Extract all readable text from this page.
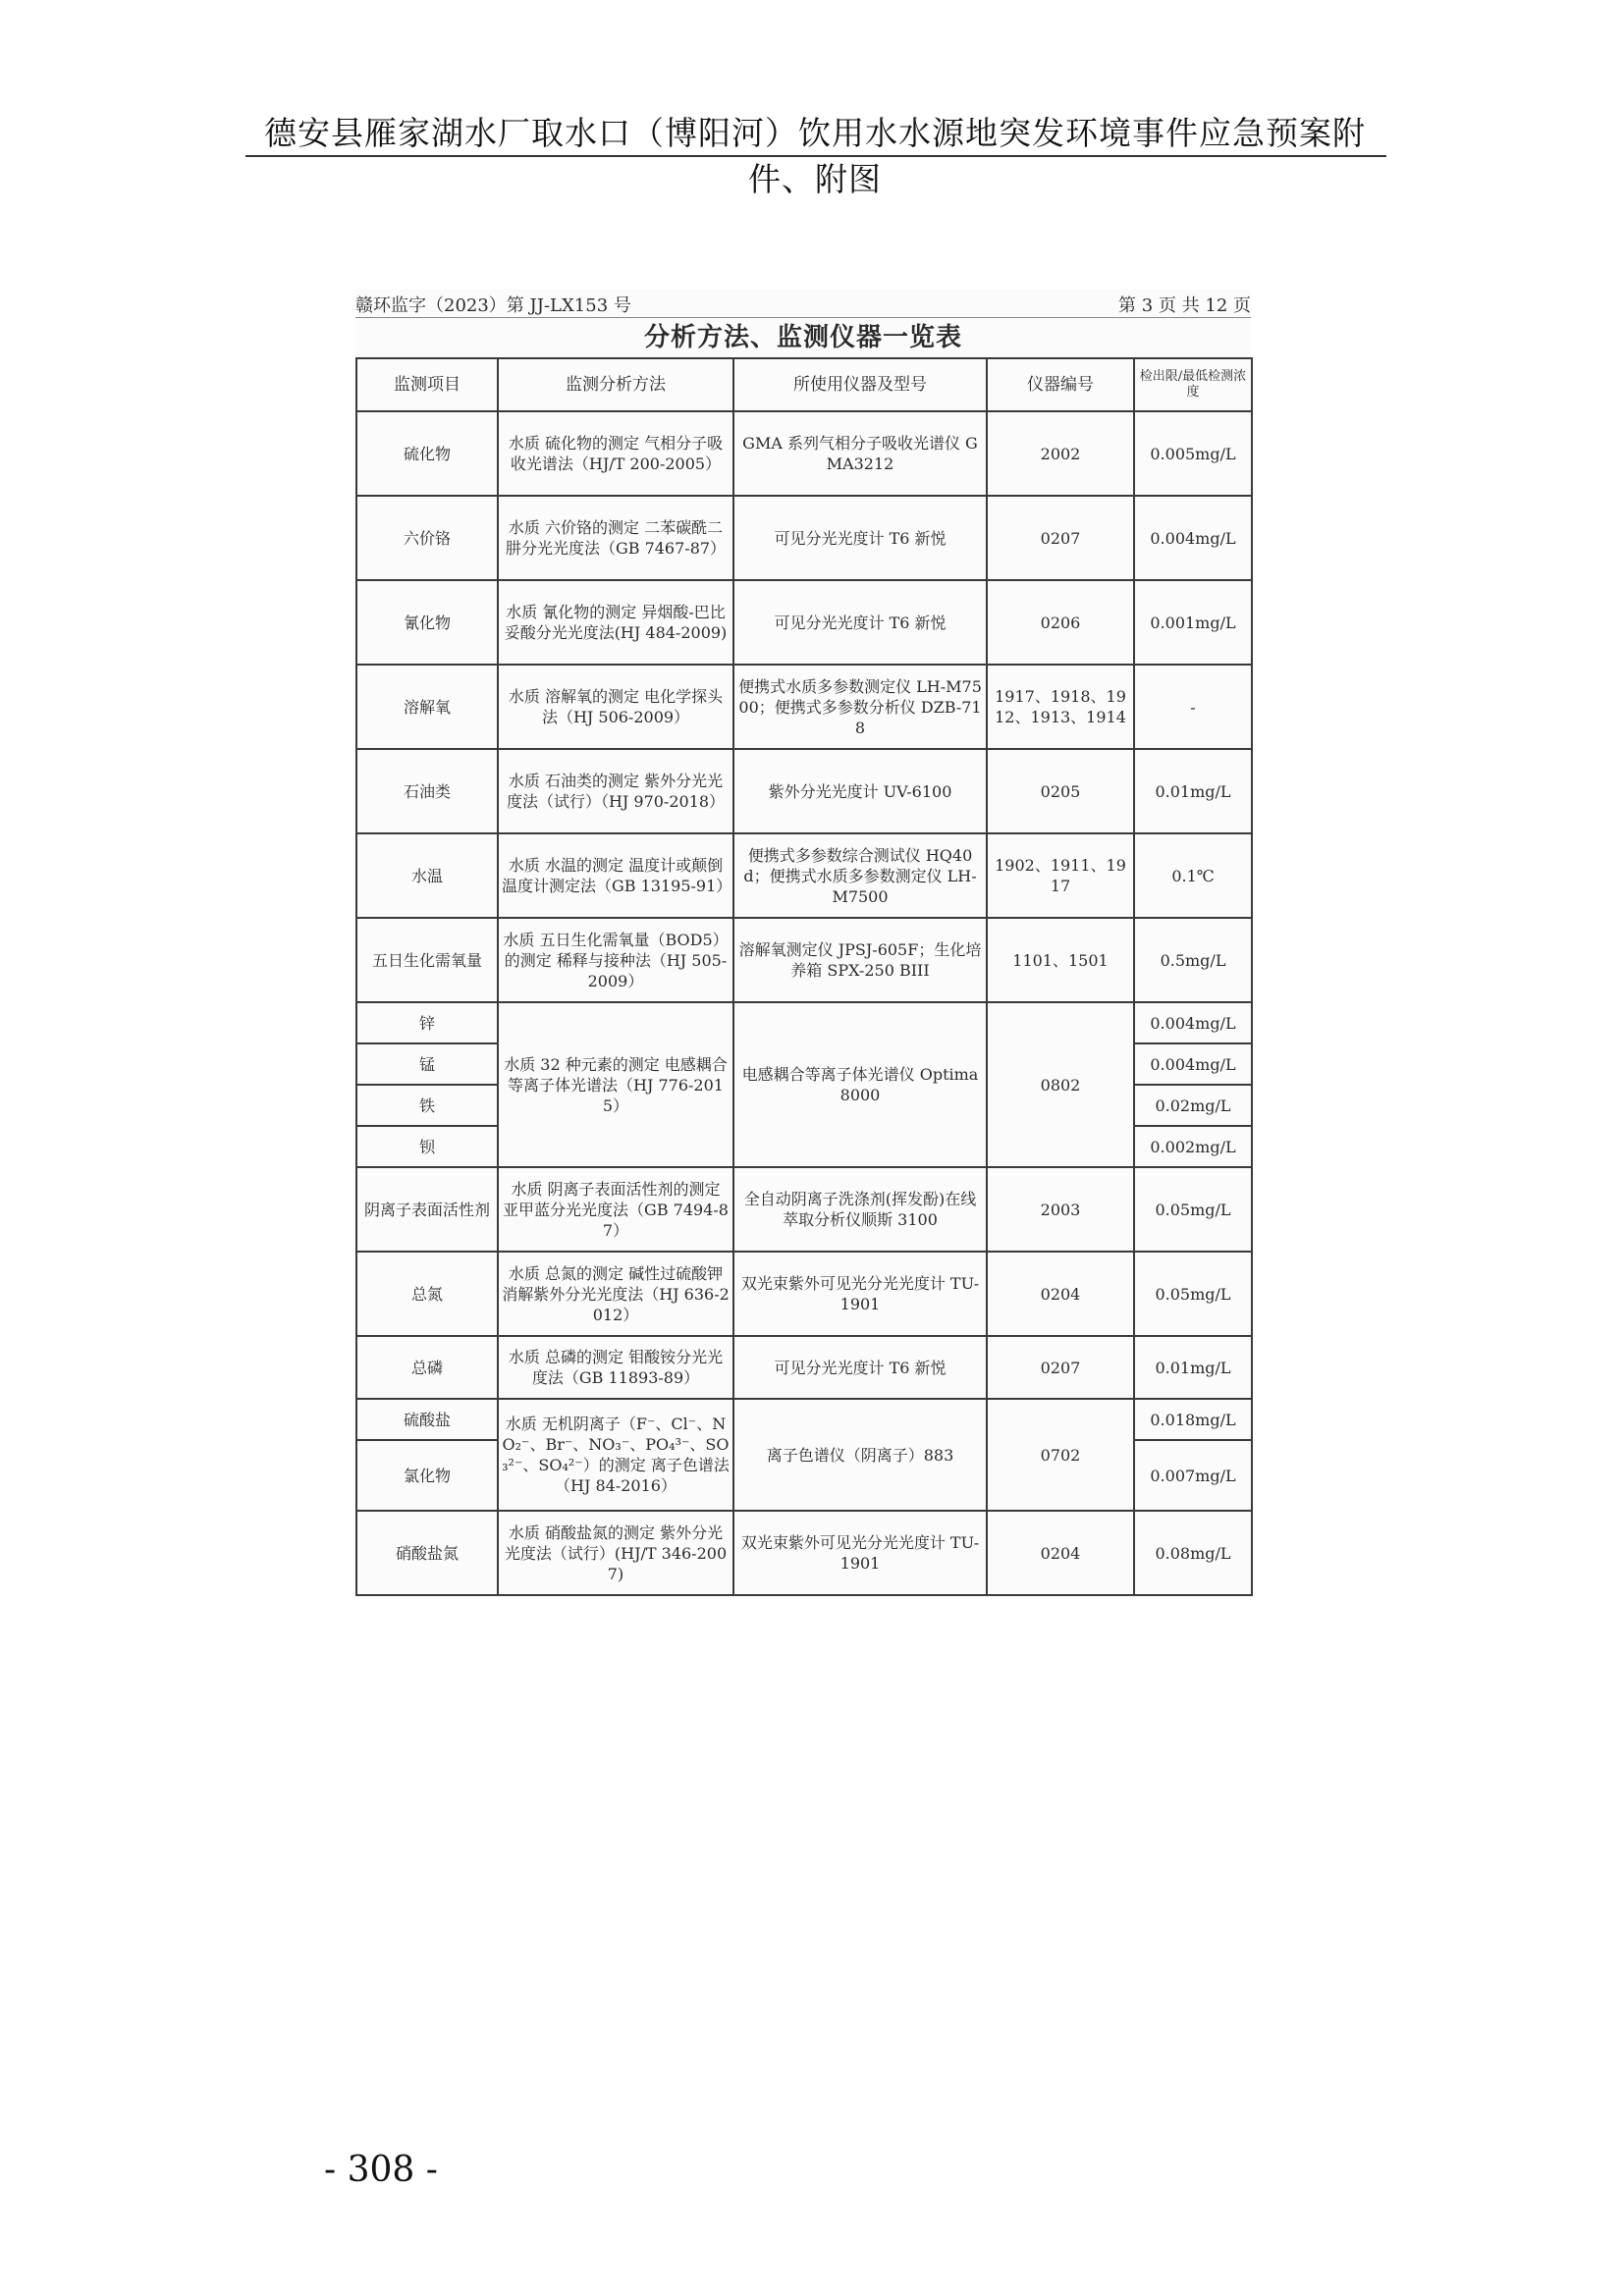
德安县雁家湖水厂取水口（博阳河）饮用水水源地突发环境事件应急预案附件、附图
赣环监字（2023）第 JJ-LX153 号	第 3 页 共 12 页
分析方法、监测仪器一览表
监测项目	监测分析方法	所使用仪器及型号	仪器编号	检出限/最低检测浓度
硫化物	水质 硫化物的测定 气相分子吸收光谱法（HJ/T 200-2005）	GMA 系列气相分子吸收光谱仪 GMA3212	2002	0.005mg/L
六价铬	水质 六价铬的测定 二苯碳酰二肼分光光度法（GB 7467-87）	可见分光光度计 T6 新悦	0207	0.004mg/L
氰化物	水质 氰化物的测定 异烟酸-巴比妥酸分光光度法(HJ 484-2009)	可见分光光度计 T6 新悦	0206	0.001mg/L
溶解氧	水质 溶解氧的测定 电化学探头法（HJ 506-2009）	便携式水质多参数测定仪 LH-M7500；便携式多参数分析仪 DZB-718	1917、1918、1912、1913、1914	-
石油类	水质 石油类的测定 紫外分光光度法（试行）（HJ 970-2018）	紫外分光光度计 UV-6100	0205	0.01mg/L
水温	水质 水温的测定 温度计或颠倒温度计测定法（GB 13195-91）	便携式多参数综合测试仪 HQ40d；便携式水质多参数测定仪 LH-M7500	1902、1911、1917	0.1℃
五日生化需氧量	水质 五日生化需氧量（BOD5）的测定 稀释与接种法（HJ 505-2009）	溶解氧测定仪 JPSJ-605F；生化培养箱 SPX-250 BIII	1101、1501	0.5mg/L
锌	水质 32 种元素的测定 电感耦合等离子体光谱法（HJ 776-2015）	电感耦合等离子体光谱仪 Optima 8000	0802	0.004mg/L
锰				0.004mg/L
铁				0.02mg/L
钡				0.002mg/L
阴离子表面活性剂	水质 阴离子表面活性剂的测定 亚甲蓝分光光度法（GB 7494-87）	全自动阴离子洗涤剂(挥发酚)在线萃取分析仪顺斯 3100	2003	0.05mg/L
总氮	水质 总氮的测定 碱性过硫酸钾消解紫外分光光度法（HJ 636-2012）	双光束紫外可见光分光光度计 TU-1901	0204	0.05mg/L
总磷	水质 总磷的测定 钼酸铵分光光度法（GB 11893-89）	可见分光光度计 T6 新悦	0207	0.01mg/L
硫酸盐	水质 无机阴离子（F⁻、Cl⁻、NO₂⁻、Br⁻、NO₃⁻、PO₄³⁻、SO₃²⁻、SO₄²⁻）的测定 离子色谱法（HJ 84-2016）	离子色谱仪（阴离子）883	0702	0.018mg/L
氯化物				0.007mg/L
硝酸盐氮	水质 硝酸盐氮的测定 紫外分光光度法（试行）(HJ/T 346-2007)	双光束紫外可见光分光光度计 TU-1901	0204	0.08mg/L
- 308 -
